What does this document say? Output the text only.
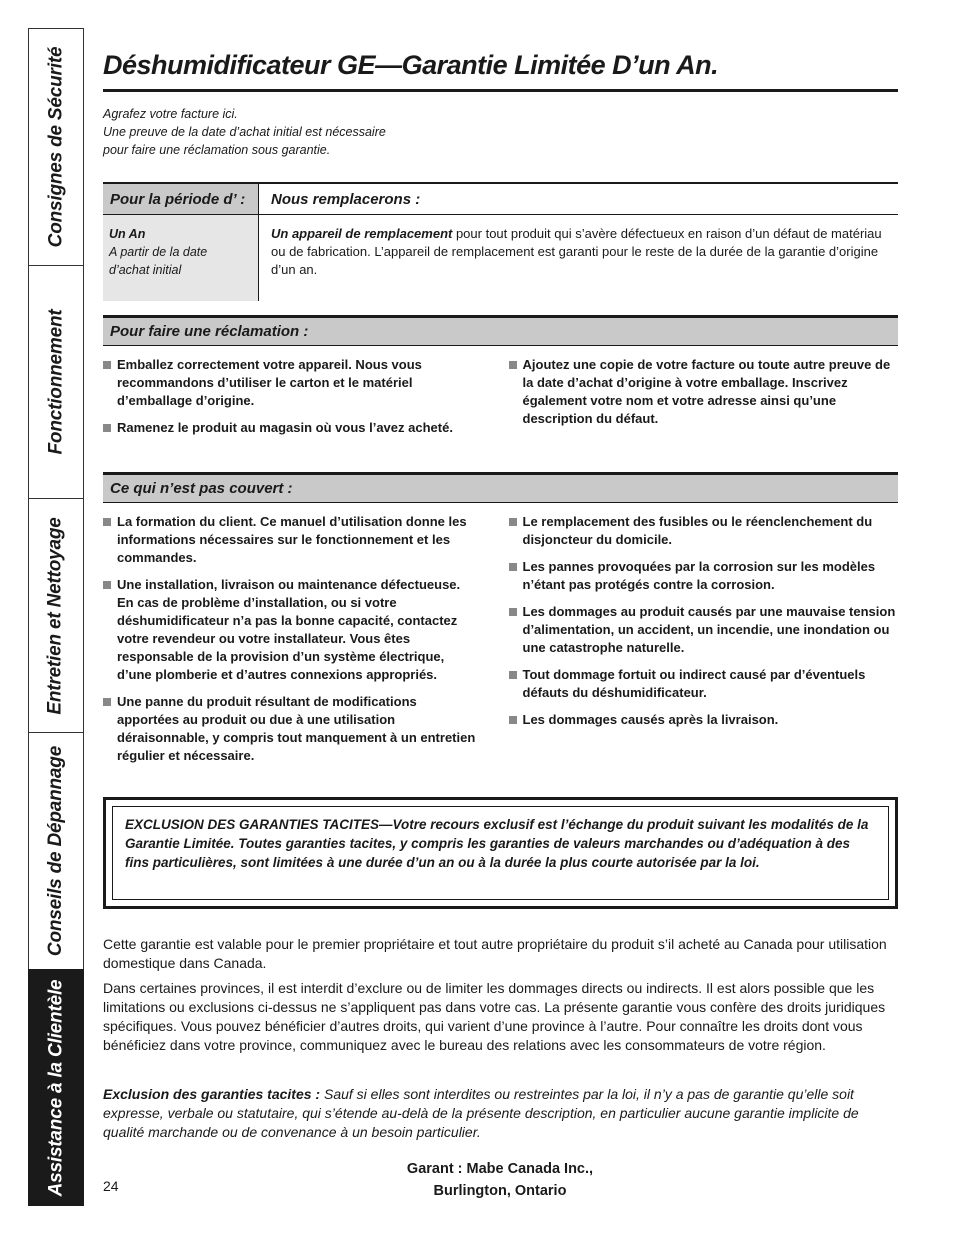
Consignes de Sécurité
Fonctionnement
Entretien et Nettoyage
Conseils de Dépannage
Assistance à la Clientèle
Déshumidificateur GE—Garantie Limitée D’un An.
Agrafez votre facture ici.
Une preuve de la date d’achat initial est nécessaire
pour faire une réclamation sous garantie.
Pour la période d’ :	Nous remplacerons :
Un An
A partir de la date
d’achat initial
Un appareil de remplacement pour tout produit qui s’avère défectueux en raison d’un défaut de matériau ou de fabrication. L’appareil de remplacement est garanti pour le reste de la durée de la garantie d’origine d’un an.
Pour faire une réclamation :
Emballez correctement votre appareil. Nous vous recommandons d’utiliser le carton et le matériel d’emballage d’origine.
Ramenez le produit au magasin où vous l’avez acheté.
Ajoutez une copie de votre facture ou toute autre preuve de la date d’achat d’origine à votre emballage. Inscrivez également votre nom et votre adresse ainsi qu’une description du défaut.
Ce qui n’est pas couvert :
La formation du client. Ce manuel d’utilisation donne les informations nécessaires sur le fonctionnement et les commandes.
Une installation, livraison ou maintenance défectueuse. En cas de problème d’installation, ou si votre déshumidificateur n’a pas la bonne capacité, contactez votre revendeur ou votre installateur. Vous êtes responsable de la provision d’un système électrique, d’une plomberie et d’autres connexions appropriés.
Une panne du produit résultant de modifications apportées au produit ou due à une utilisation déraisonnable, y compris tout manquement à un entretien régulier et nécessaire.
Le remplacement des fusibles ou le réenclenchement du disjoncteur du domicile.
Les pannes provoquées par la corrosion sur les modèles n’étant pas protégés contre la corrosion.
Les dommages au produit causés par une mauvaise tension d’alimentation, un accident, un incendie, une inondation ou une catastrophe naturelle.
Tout dommage fortuit ou indirect causé par d’éventuels défauts du déshumidificateur.
Les dommages causés après la livraison.
EXCLUSION DES GARANTIES TACITES—Votre recours exclusif est l’échange du produit suivant les modalités de la Garantie Limitée. Toutes garanties tacites, y compris les garanties de valeurs marchandes ou d’adéquation à des fins particulières, sont limitées à une durée d’un an ou à la durée la plus courte autorisée par la loi.
Cette garantie est valable pour le premier propriétaire et tout autre propriétaire du produit s’il acheté au Canada pour utilisation domestique dans Canada.
Dans certaines provinces, il est interdit d’exclure ou de limiter les dommages directs ou indirects. Il est alors possible que les limitations ou exclusions ci-dessus ne s’appliquent pas dans votre cas. La présente garantie vous confère des droits juridiques spécifiques. Vous pouvez bénéficier d’autres droits, qui varient d’une province à l’autre. Pour connaître les droits dont vous bénéficiez dans votre province, communiquez avec le bureau des relations avec les consommateurs de votre région.
Exclusion des garanties tacites : Sauf si elles sont interdites ou restreintes par la loi, il n’y a pas de garantie qu’elle soit expresse, verbale ou statutaire, qui s’étende au-delà de la présente description, en particulier aucune garantie implicite de qualité marchande ou de convenance à un besoin particulier.
24
Garant : Mabe Canada Inc.,
Burlington, Ontario
